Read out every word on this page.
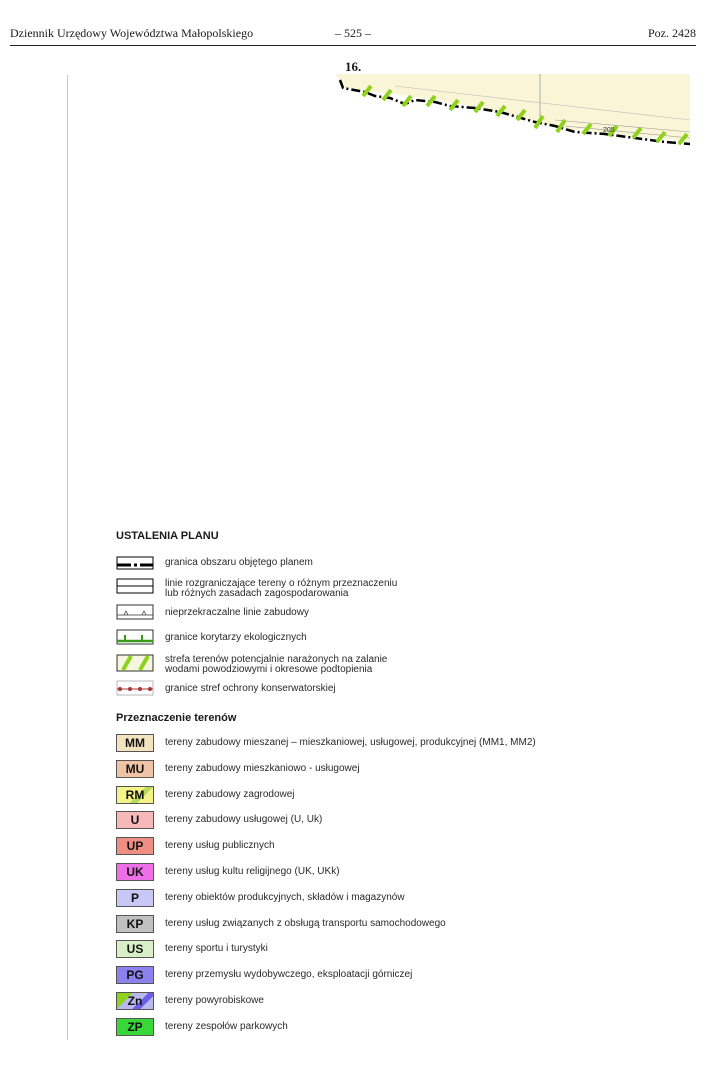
Dziennik Urzędowy Województwa Małopolskiego	– 525 –	Poz. 2428
16.
205
USTALENIA PLANU
granica obszaru objętego planem
linie rozgraniczające tereny o różnym przeznaczeniu
lub różnych zasadach zagospodarowania
nieprzekraczalne linie zabudowy
granice korytarzy ekologicznych
strefa terenów potencjalnie narażonych na zalanie
wodami powodziowymi i okresowe podtopienia
granice stref ochrony konserwatorskiej
Przeznaczenie terenów
MM	tereny zabudowy mieszanej – mieszkaniowej, usługowej, produkcyjnej (MM1, MM2)
MU	tereny zabudowy mieszkaniowo - usługowej
RM	tereny zabudowy zagrodowej
U	tereny zabudowy usługowej (U, Uk)
UP	tereny usług publicznych
UK	tereny usług kultu religijnego (UK, UKk)
P	tereny obiektów produkcyjnych, składów i magazynów
KP	tereny usług związanych z obsługą transportu samochodowego
US	tereny sportu i turystyki
PG	tereny przemysłu wydobywczego, eksploatacji górniczej
Zn	tereny powyrobiskowe
ZP	tereny zespołów parkowych
